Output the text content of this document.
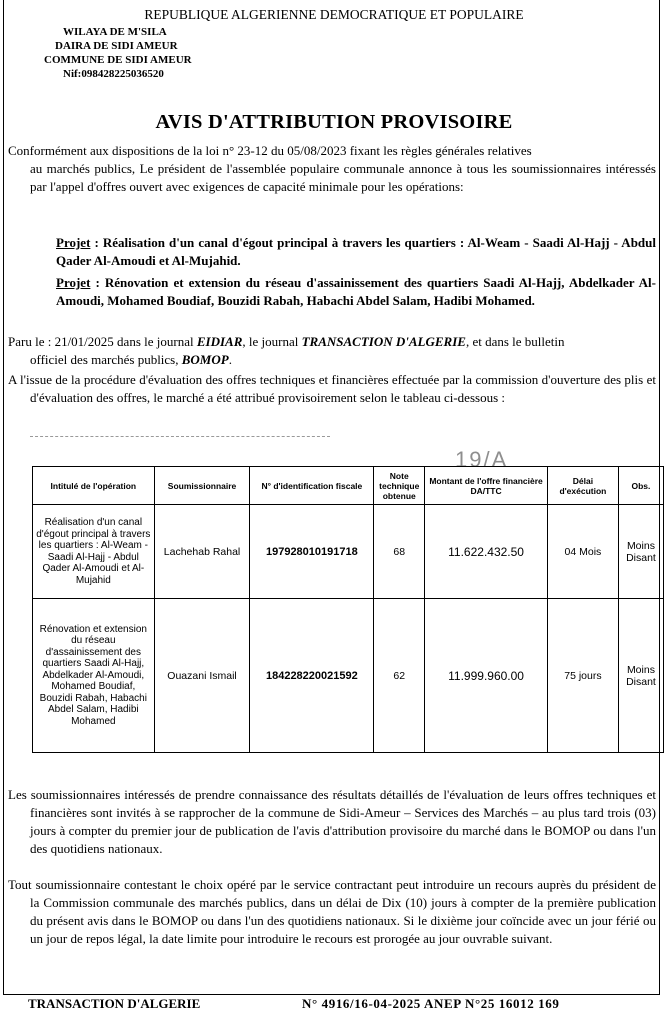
REPUBLIQUE ALGERIENNE DEMOCRATIQUE ET POPULAIRE
WILAYA DE M'SILA
DAIRA DE SIDI AMEUR
COMMUNE DE SIDI AMEUR
Nif:098428225036520
AVIS D'ATTRIBUTION PROVISOIRE

Conformément aux dispositions de la loi n° 23-12 du 05/08/2023 fixant les règles générales relatives

au marchés publics, Le président de l'assemblée populaire communale annonce à tous les soumissionnaires intéressés par l'appel d'offres ouvert avec exigences de capacité minimale pour les opérations:

Projet : Réalisation d'un canal d'égout principal à travers les quartiers : Al-Weam - Saadi Al-Hajj - Abdul Qader Al-Amoudi et Al-Mujahid.
Projet : Rénovation et extension du réseau d'assainissement des quartiers Saadi Al-Hajj, Abdelkader Al-Amoudi, Mohamed Boudiaf, Bouzidi Rabah, Habachi Abdel Salam, Hadibi Mohamed.

Paru le : 21/01/2025 dans le journal EIDIAR, le journal TRANSACTION D'ALGERIE, et dans le bulletin

officiel des marchés publics, BOMOP.

A l'issue de la procédure d'évaluation des offres techniques et financières effectuée par la commission d'ouverture des plis et d'évaluation des offres, le marché a été attribué provisoirement selon le tableau ci-dessous :

19/A
Intitulé de l'opération	Soumissionnaire	N° d'identification fiscale	Note technique obtenue	Montant de l'offre financière DA/TTC	Délai d'exécution	Obs.
Réalisation d'un canal d'égout principal à travers les quartiers : Al-Weam - Saadi Al-Hajj - Abdul Qader Al-Amoudi et Al-Mujahid	Lachehab Rahal	197928010191718	68	11.622.432.50	04 Mois	Moins Disant
Rénovation et extension du réseau d'assainissement des quartiers Saadi Al-Hajj, Abdelkader Al-Amoudi, Mohamed Boudiaf, Bouzidi Rabah, Habachi Abdel Salam, Hadibi Mohamed	Ouazani Ismail	184228220021592	62	11.999.960.00	75 jours	Moins Disant

Les soumissionnaires intéressés de prendre connaissance des résultats détaillés de l'évaluation de leurs offres techniques et financières sont invités à se rapprocher de la commune de Sidi-Ameur – Services des Marchés – au plus tard trois (03) jours à compter du premier jour de publication de l'avis d'attribution provisoire du marché dans le BOMOP ou dans l'un des quotidiens nationaux.

Tout soumissionnaire contestant le choix opéré par le service contractant peut introduire un recours auprès du président de la Commission communale des marchés publics, dans un délai de Dix (10) jours à compter de la première publication du présent avis dans le BOMOP ou dans l'un des quotidiens nationaux. Si le dixième jour coïncide avec un jour férié ou un jour de repos légal, la date limite pour introduire le recours est prorogée au jour ouvrable suivant.

TRANSACTION D'ALGERIE	N° 4916/16-04-2025 ANEP N°25 16012 169
